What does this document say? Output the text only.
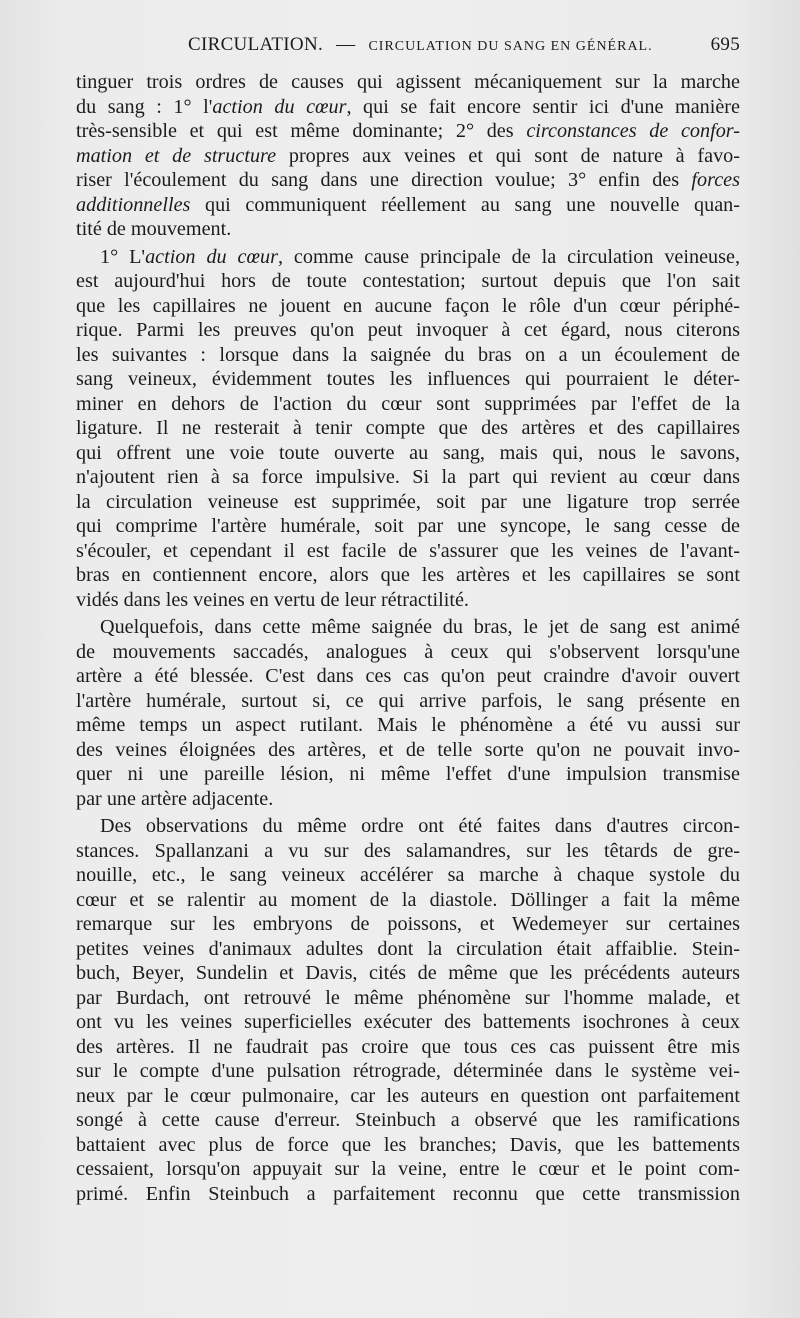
CIRCULATION. — CIRCULATION DU SANG EN GÉNÉRAL.	695
tinguer trois ordres de causes qui agissent mécaniquement sur la marche
du sang : 1° l'action du cœur, qui se fait encore sentir ici d'une manière
très-sensible et qui est même dominante; 2° des circonstances de confor-
mation et de structure propres aux veines et qui sont de nature à favo-
riser l'écoulement du sang dans une direction voulue; 3° enfin des forces
additionnelles qui communiquent réellement au sang une nouvelle quan-
tité de mouvement.
1° L'action du cœur, comme cause principale de la circulation veineuse,
est aujourd'hui hors de toute contestation; surtout depuis que l'on sait
que les capillaires ne jouent en aucune façon le rôle d'un cœur périphé-
rique. Parmi les preuves qu'on peut invoquer à cet égard, nous citerons
les suivantes : lorsque dans la saignée du bras on a un écoulement de
sang veineux, évidemment toutes les influences qui pourraient le déter-
miner en dehors de l'action du cœur sont supprimées par l'effet de la
ligature. Il ne resterait à tenir compte que des artères et des capillaires
qui offrent une voie toute ouverte au sang, mais qui, nous le savons,
n'ajoutent rien à sa force impulsive. Si la part qui revient au cœur dans
la circulation veineuse est supprimée, soit par une ligature trop serrée
qui comprime l'artère humérale, soit par une syncope, le sang cesse de
s'écouler, et cependant il est facile de s'assurer que les veines de l'avant-
bras en contiennent encore, alors que les artères et les capillaires se sont
vidés dans les veines en vertu de leur rétractilité.
Quelquefois, dans cette même saignée du bras, le jet de sang est animé
de mouvements saccadés, analogues à ceux qui s'observent lorsqu'une
artère a été blessée. C'est dans ces cas qu'on peut craindre d'avoir ouvert
l'artère humérale, surtout si, ce qui arrive parfois, le sang présente en
même temps un aspect rutilant. Mais le phénomène a été vu aussi sur
des veines éloignées des artères, et de telle sorte qu'on ne pouvait invo-
quer ni une pareille lésion, ni même l'effet d'une impulsion transmise
par une artère adjacente.
Des observations du même ordre ont été faites dans d'autres circon-
stances. Spallanzani a vu sur des salamandres, sur les têtards de gre-
nouille, etc., le sang veineux accélérer sa marche à chaque systole du
cœur et se ralentir au moment de la diastole. Döllinger a fait la même
remarque sur les embryons de poissons, et Wedemeyer sur certaines
petites veines d'animaux adultes dont la circulation était affaiblie. Stein-
buch, Beyer, Sundelin et Davis, cités de même que les précédents auteurs
par Burdach, ont retrouvé le même phénomène sur l'homme malade, et
ont vu les veines superficielles exécuter des battements isochrones à ceux
des artères. Il ne faudrait pas croire que tous ces cas puissent être mis
sur le compte d'une pulsation rétrograde, déterminée dans le système vei-
neux par le cœur pulmonaire, car les auteurs en question ont parfaitement
songé à cette cause d'erreur. Steinbuch a observé que les ramifications
battaient avec plus de force que les branches; Davis, que les battements
cessaient, lorsqu'on appuyait sur la veine, entre le cœur et le point com-
primé. Enfin Steinbuch a parfaitement reconnu que cette transmission
